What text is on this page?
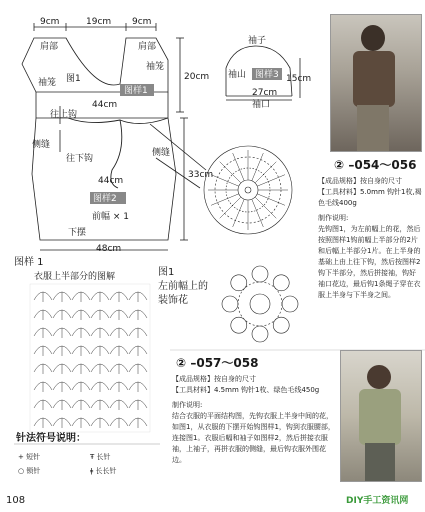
9cm	19cm 9cm
肩部	肩部
图1
袖笼
袖笼
20cm
44cm
图样1
往上钩
侧缝
往下钩
侧缝
33cm
44cm
图样2
前幅 × 1
下摆
48cm
袖子
袖山 图样3 15cm
27cm
袖口
② –054～056

【成品规格】按自身的尺寸

【工具材料】5.0mm 钩针1枚,褐色毛线400g

制作说明:

先钩图1，为左前幅上的花，然后按照图样1钩前幅上半部分的2片和后幅上半部分1片。在上半身的基础上由上往下钩，然后按图样2钩下半部分，然后拼接袖，钩好袖口花边，最后钩1条绳子穿在衣服上半身与下半身之间。

图1
左前幅上的
装饰花
图样 1
衣服上半部分的图解
② –057～058

【成品规格】按自身的尺寸

【工具材料】4.5mm 钩针1枚、绿色毛线450g

制作说明:

结合衣服的平面结构图，先钩衣服上半身中间的花，如图1，从衣服的下摆开始钩图样1，钩到衣服腰部，连接图1。衣服后幅和袖子如图样2，然后拼接衣服袖，上袖子，再拼衣服的侧缝，最后钩衣服外围花边。

针法符号说明：
+ 短针	Ŧ 长针
○ 锁针	ǂ 长长针
108	DIY手工资讯网
